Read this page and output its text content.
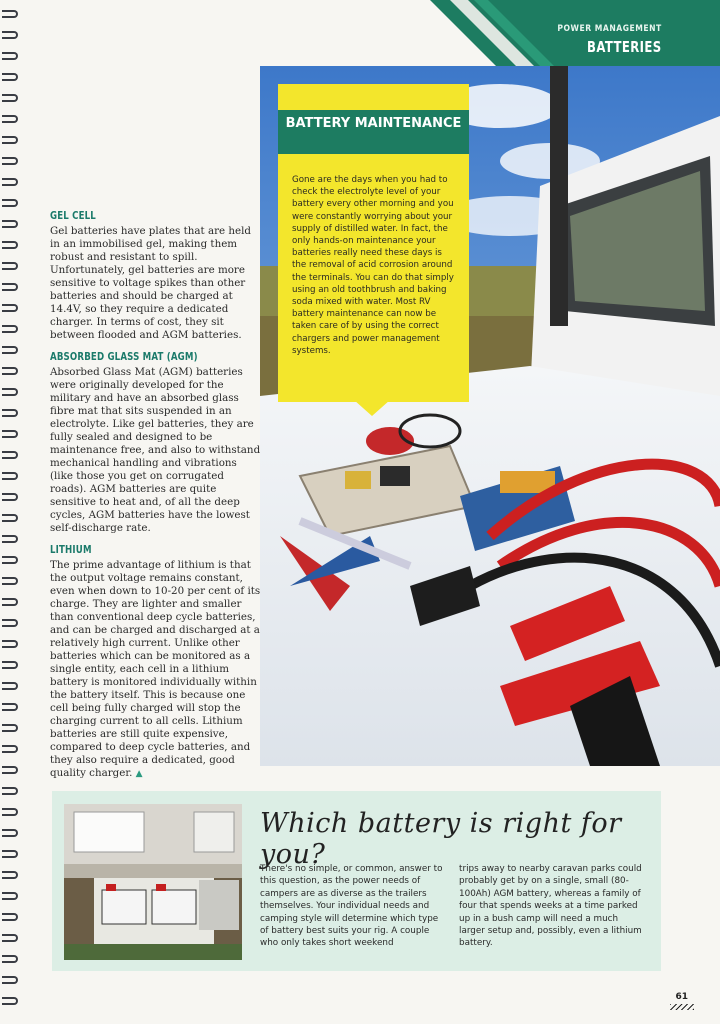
POWER MANAGEMENT
BATTERIES
GEL CELL

Gel batteries have plates that are held in an immobilised gel, making them robust and resistant to spill. Unfortunately, gel batteries are more sensitive to voltage spikes than other batteries and should be charged at 14.4V, so they require a dedicated charger. In terms of cost, they sit between flooded and AGM batteries.

ABSORBED GLASS MAT (AGM)

Absorbed Glass Mat (AGM) batteries were originally developed for the military and have an absorbed glass fibre mat that sits suspended in an electrolyte. Like gel batteries, they are fully sealed and designed to be maintenance free, and also to withstand mechanical handling and vibrations (like those you get on corrugated roads). AGM batteries are quite sensitive to heat and, of all the deep cycles, AGM batteries have the lowest self-discharge rate.

LITHIUM

The prime advantage of lithium is that the output voltage remains constant, even when down to 10-20 per cent of its charge. They are lighter and smaller than conventional deep cycle batteries, and can be charged and discharged at a relatively high current. Unlike other batteries which can be monitored as a single entity, each cell in a lithium battery is monitored individually within the battery itself. This is because one cell being fully charged will stop the charging current to all cells. Lithium batteries are still quite expensive, compared to deep cycle batteries, and they also require a dedicated, good quality charger. ▲

BATTERY MAINTENANCE
Gone are the days when you had to check the electrolyte level of your battery every other morning and you were constantly worrying about your supply of distilled water. In fact, the only hands-on maintenance your batteries really need these days is the removal of acid corrosion around the terminals. You can do that simply using an old toothbrush and baking soda mixed with water. Most RV battery maintenance can now be taken care of by using the correct chargers and power management systems.
Which battery is right for you?
There's no simple, or common, answer to this question, as the power needs of campers are as diverse as the trailers themselves. Your individual needs and camping style will determine which type of battery best suits your rig. A couple who only takes short weekend
trips away to nearby caravan parks could probably get by on a single, small (80-100Ah) AGM battery, whereas a family of four that spends weeks at a time parked up in a bush camp will need a much larger setup and, possibly, even a lithium battery.
61
